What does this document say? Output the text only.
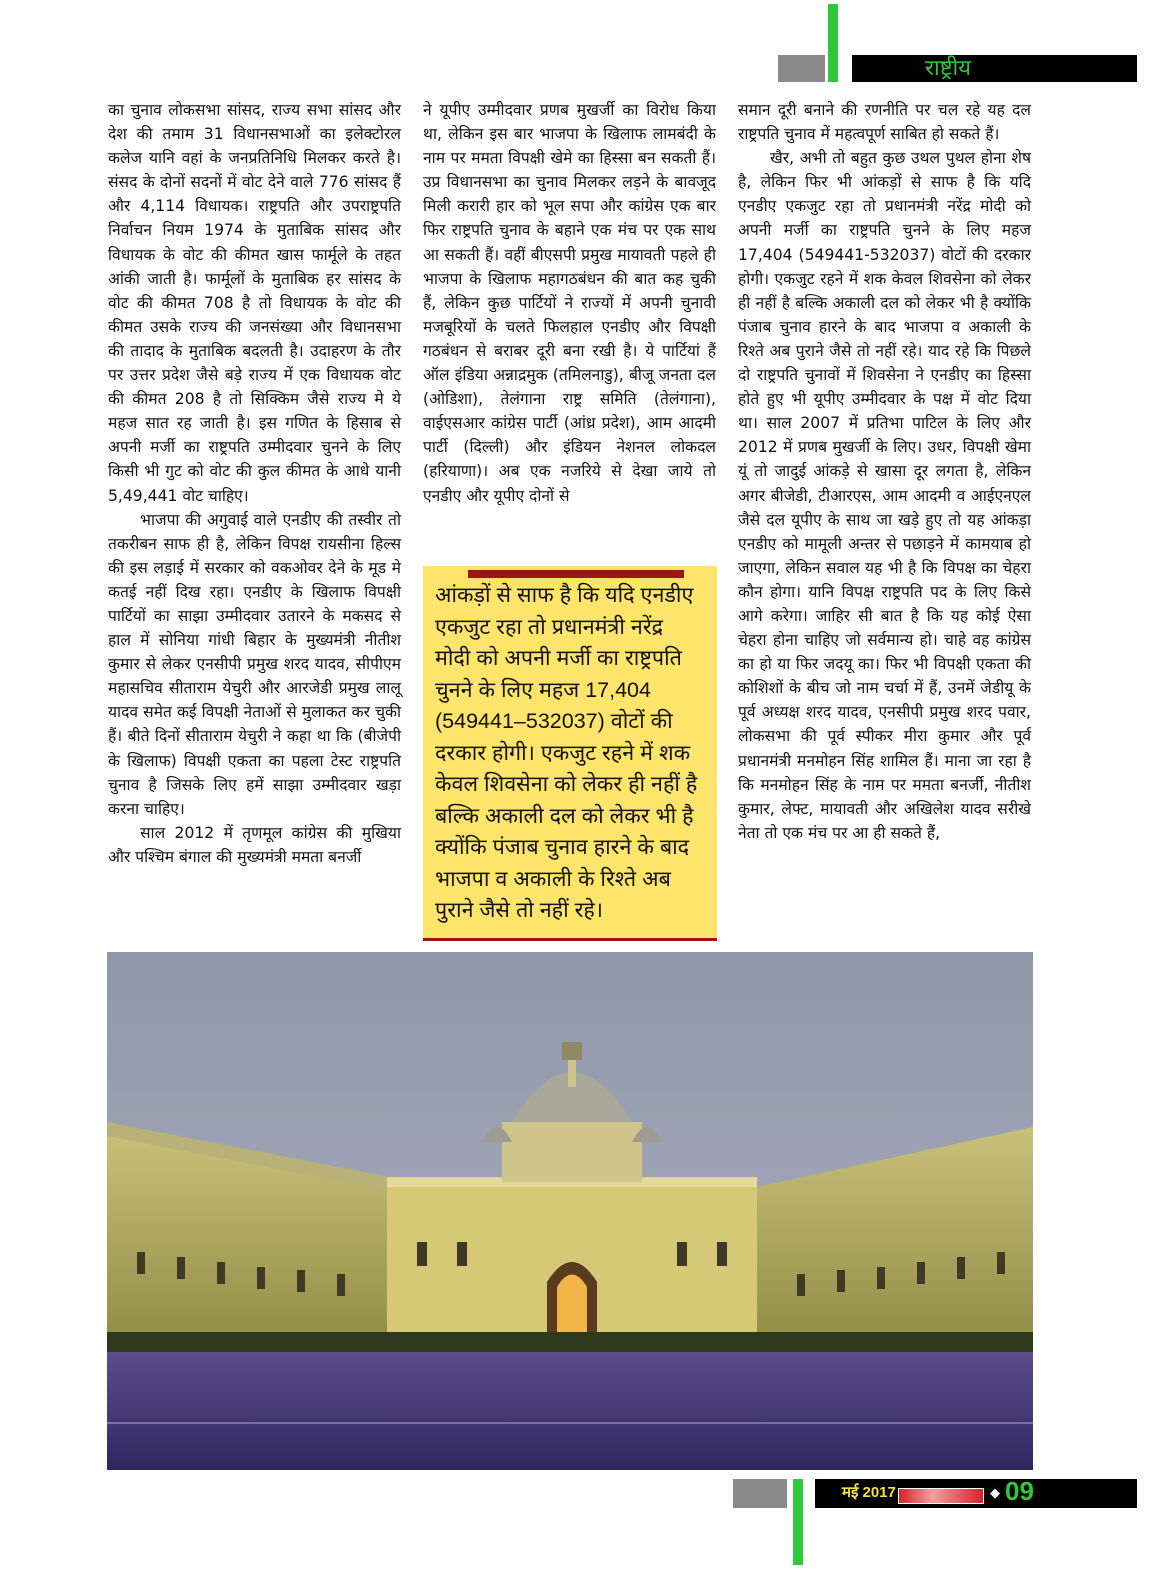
राष्ट्रीय

का चुनाव लोकसभा सांसद, राज्य सभा सांसद और देश की तमाम 31 विधानसभाओं का इलेक्टोरल कलेज यानि वहां के जनप्रतिनिधि मिलकर करते है। संसद के दोनों सदनों में वोट देने वाले 776 सांसद हैं और 4,114 विधायक। राष्ट्रपति और उपराष्ट्रपति निर्वाचन नियम 1974 के मुताबिक सांसद और विधायक के वोट की कीमत खास फार्मूले के तहत आंकी जाती है। फार्मूलों के मुताबिक हर सांसद के वोट की कीमत 708 है तो विधायक के वोट की कीमत उसके राज्य की जनसंख्या और विधानसभा की तादाद के मुताबिक बदलती है। उदाहरण के तौर पर उत्तर प्रदेश जैसे बड़े राज्य में एक विधायक वोट की कीमत 208 है तो सिक्किम जैसे राज्य मे ये महज सात रह जाती है। इस गणित के हिसाब से अपनी मर्जी का राष्ट्रपति उम्मीदवार चुनने के लिए किसी भी गुट को वोट की कुल कीमत के आधे यानी 5,49,441 वोट चाहिए।

भाजपा की अगुवाई वाले एनडीए की तस्वीर तो तकरीबन साफ ही है, लेकिन विपक्ष रायसीना हिल्स की इस लड़ाई में सरकार को वकओवर देने के मूड मे कतई नहीं दिख रहा। एनडीए के खिलाफ विपक्षी पार्टियों का साझा उम्मीदवार उतारने के मकसद से हाल में सोनिया गांधी बिहार के मुख्यमंत्री नीतीश कुमार से लेकर एनसीपी प्रमुख शरद यादव, सीपीएम महासचिव सीताराम येचुरी और आरजेडी प्रमुख लालू यादव समेत कई विपक्षी नेताओं से मुलाकत कर चुकी हैं। बीते दिनों सीताराम येचुरी ने कहा था कि (बीजेपी के खिलाफ) विपक्षी एकता का पहला टेस्ट राष्ट्रपति चुनाव है जिसके लिए हमें साझा उम्मीदवार खड़ा करना चाहिए।

साल 2012 में तृणमूल कांग्रेस की मुखिया और पश्चिम बंगाल की मुख्यमंत्री ममता बनर्जी

ने यूपीए उम्मीदवार प्रणब मुखर्जी का विरोध किया था, लेकिन इस बार भाजपा के खिलाफ लामबंदी के नाम पर ममता विपक्षी खेमे का हिस्सा बन सकती हैं। उप्र विधानसभा का चुनाव मिलकर लड़ने के बावजूद मिली करारी हार को भूल सपा और कांग्रेस एक बार फिर राष्ट्रपति चुनाव के बहाने एक मंच पर एक साथ आ सकती हैं। वहीं बीएसपी प्रमुख मायावती पहले ही भाजपा के खिलाफ महागठबंधन की बात कह चुकी हैं, लेकिन कुछ पार्टियों ने राज्यों में अपनी चुनावी मजबूरियों के चलते फिलहाल एनडीए और विपक्षी गठबंधन से बराबर दूरी बना रखी है। ये पार्टियां हैं ऑल इंडिया अन्नाद्रमुक (तमिलनाडु), बीजू जनता दल (ओडिशा), तेलंगाना राष्ट्र समिति (तेलंगाना), वाईएसआर कांग्रेस पार्टी (आंध्र प्रदेश), आम आदमी पार्टी (दिल्ली) और इंडियन नेशनल लोकदल (हरियाणा)। अब एक नजरिये से देखा जाये तो एनडीए और यूपीए दोनों से

समान दूरी बनाने की रणनीति पर चल रहे यह दल राष्ट्रपति चुनाव में महत्वपूर्ण साबित हो सकते हैं।

खैर, अभी तो बहुत कुछ उथल पुथल होना शेष है, लेकिन फिर भी आंकड़ों से साफ है कि यदि एनडीए एकजुट रहा तो प्रधानमंत्री नरेंद्र मोदी को अपनी मर्जी का राष्ट्रपति चुनने के लिए महज 17,404 (549441-532037) वोटों की दरकार होगी। एकजुट रहने में शक केवल शिवसेना को लेकर ही नहीं है बल्कि अकाली दल को लेकर भी है क्योंकि पंजाब चुनाव हारने के बाद भाजपा व अकाली के रिश्ते अब पुराने जैसे तो नहीं रहे। याद रहे कि पिछले दो राष्ट्रपति चुनावों में शिवसेना ने एनडीए का हिस्सा होते हुए भी यूपीए उम्मीदवार के पक्ष में वोट दिया था। साल 2007 में प्रतिभा पाटिल के लिए और 2012 में प्रणब मुखर्जी के लिए। उधर, विपक्षी खेमा यूं तो जादुई आंकड़े से खासा दूर लगता है, लेकिन अगर बीजेडी, टीआरएस, आम आदमी व आईएनएल जैसे दल यूपीए के साथ जा खड़े हुए तो यह आंकड़ा एनडीए को मामूली अन्तर से पछाड़ने में कामयाब हो जाएगा, लेकिन सवाल यह भी है कि विपक्ष का चेहरा कौन होगा। यानि विपक्ष राष्ट्रपति पद के लिए किसे आगे करेगा। जाहिर सी बात है कि यह कोई ऐसा चेहरा होना चाहिए जो सर्वमान्य हो। चाहे वह कांग्रेस का हो या फिर जदयू का। फिर भी विपक्षी एकता की कोशिशों के बीच जो नाम चर्चा में हैं, उनमें जेडीयू के पूर्व अध्यक्ष शरद यादव, एनसीपी प्रमुख शरद पवार, लोकसभा की पूर्व स्पीकर मीरा कुमार और पूर्व प्रधानमंत्री मनमोहन सिंह शामिल हैं। माना जा रहा है कि मनमोहन सिंह के नाम पर ममता बनर्जी, नीतीश कुमार, लेफ्ट, मायावती और अखिलेश यादव सरीखे नेता तो एक मंच पर आ ही सकते हैं,

आंकड़ों से साफ है कि यदि एनडीए एकजुट रहा तो प्रधानमंत्री नरेंद्र मोदी को अपनी मर्जी का राष्ट्रपति चुनने के लिए महज 17,404 (549441–532037) वोटों की दरकार होगी। एकजुट रहने में शक केवल शिवसेना को लेकर ही नहीं है बल्कि अकाली दल को लेकर भी है क्योंकि पंजाब चुनाव हारने के बाद भाजपा व अकाली के रिश्ते अब पुराने जैसे तो नहीं रहे।
मई 2017	◆ 09
